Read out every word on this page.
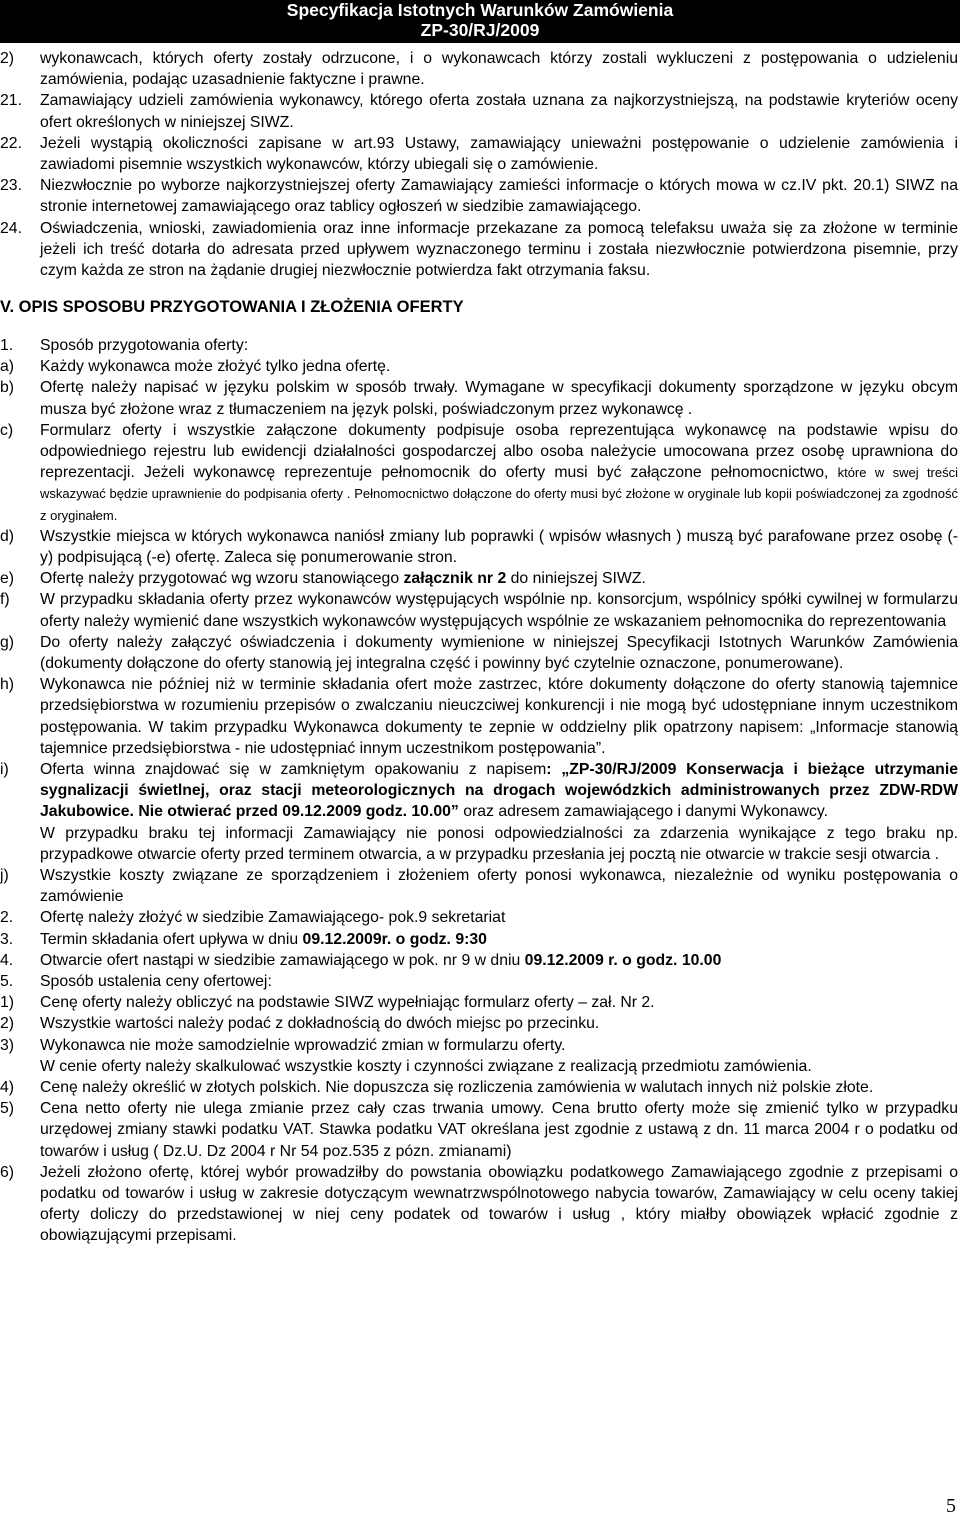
Specyfikacja Istotnych Warunków Zamówienia
ZP-30/RJ/2009

2) wykonawcach, których oferty zostały odrzucone, i o wykonawcach którzy zostali wykluczeni z postępowania o udzieleniu zamówienia, podając uzasadnienie faktyczne i prawne.

21. Zamawiający udzieli zamówienia wykonawcy, którego oferta została uznana za najkorzystniejszą, na podstawie kryteriów oceny ofert określonych w niniejszej SIWZ.

22. Jeżeli wystąpią okoliczności zapisane w art.93 Ustawy, zamawiający unieważni postępowanie o udzielenie zamówienia i zawiadomi pisemnie wszystkich wykonawców, którzy ubiegali się o zamówienie.

23. Niezwłocznie po wyborze najkorzystniejszej oferty Zamawiający zamieści informacje o których mowa w cz.IV pkt. 20.1) SIWZ na stronie internetowej zamawiającego oraz tablicy ogłoszeń w siedzibie zamawiającego.

24. Oświadczenia, wnioski, zawiadomienia oraz inne informacje przekazane za pomocą telefaksu uważa się za złożone w terminie jeżeli ich treść dotarła do adresata przed upływem wyznaczonego terminu i została niezwłocznie potwierdzona pisemnie, przy czym każda ze stron na żądanie drugiej niezwłocznie potwierdza fakt otrzymania faksu.

V. OPIS SPOSOBU PRZYGOTOWANIA I ZŁOŻENIA OFERTY

1. Sposób przygotowania oferty:

a) Każdy wykonawca może złożyć tylko jedna ofertę.

b) Ofertę należy napisać w języku polskim w sposób trwały. Wymagane w specyfikacji dokumenty sporządzone w języku obcym musza być złożone wraz z tłumaczeniem na język polski, poświadczonym przez wykonawcę .

c) Formularz oferty i wszystkie załączone dokumenty podpisuje osoba reprezentująca wykonawcę na podstawie wpisu do odpowiedniego rejestru lub ewidencji działalności gospodarczej albo osoba należycie umocowana przez osobę uprawniona do reprezentacji. Jeżeli wykonawcę reprezentuje pełnomocnik do oferty musi być załączone pełnomocnictwo, które w swej treści wskazywać będzie uprawnienie do podpisania oferty . Pełnomocnictwo dołączone do oferty musi być złożone w oryginale lub kopii poświadczonej za zgodność z oryginałem.

d) Wszystkie miejsca w których wykonawca naniósł zmiany lub poprawki ( wpisów własnych ) muszą być parafowane przez osobę (-y) podpisującą (-e) ofertę. Zaleca się ponumerowanie stron.

e) Ofertę należy przygotować wg wzoru stanowiącego załącznik nr 2 do niniejszej SIWZ.

f) W przypadku składania oferty przez wykonawców występujących wspólnie np. konsorcjum, wspólnicy spółki cywilnej w formularzu oferty należy wymienić dane wszystkich wykonawców występujących wspólnie ze wskazaniem pełnomocnika do reprezentowania

g) Do oferty należy załączyć oświadczenia i dokumenty wymienione w niniejszej Specyfikacji Istotnych Warunków Zamówienia (dokumenty dołączone do oferty stanowią jej integralna część i powinny być czytelnie oznaczone, ponumerowane).

h) Wykonawca nie później niż w terminie składania ofert może zastrzec, które dokumenty dołączone do oferty stanowią tajemnice przedsiębiorstwa w rozumieniu przepisów o zwalczaniu nieuczciwej konkurencji i nie mogą być udostępniane innym uczestnikom postępowania. W takim przypadku Wykonawca dokumenty te zepnie w oddzielny plik opatrzony napisem: „Informacje stanowią tajemnice przedsiębiorstwa - nie udostępniać innym uczestnikom postępowania”.

i) Oferta winna znajdować się w zamkniętym opakowaniu z napisem: „ZP-30/RJ/2009 Konserwacja i bieżące utrzymanie sygnalizacji świetlnej, oraz stacji meteorologicznych na drogach wojewódzkich administrowanych przez ZDW-RDW Jakubowice. Nie otwierać przed 09.12.2009 godz. 10.00” oraz adresem zamawiającego i danymi Wykonawcy.

W przypadku braku tej informacji Zamawiający nie ponosi odpowiedzialności za zdarzenia wynikające z tego braku np. przypadkowe otwarcie oferty przed terminem otwarcia, a w przypadku przesłania jej pocztą nie otwarcie w trakcie sesji otwarcia .

j) Wszystkie koszty związane ze sporządzeniem i złożeniem oferty ponosi wykonawca, niezależnie od wyniku postępowania o zamówienie

2. Ofertę należy złożyć w siedzibie Zamawiającego- pok.9 sekretariat

3. Termin składania ofert upływa w dniu 09.12.2009r. o godz. 9:30

4. Otwarcie ofert nastąpi w siedzibie zamawiającego w pok. nr 9 w dniu 09.12.2009 r. o godz. 10.00

5. Sposób ustalenia ceny ofertowej:

1) Cenę oferty należy obliczyć na podstawie SIWZ wypełniając formularz oferty – zał. Nr 2.

2) Wszystkie wartości należy podać z dokładnością do dwóch miejsc po przecinku.

3) Wykonawca nie może samodzielnie wprowadzić zmian w formularzu oferty.

W cenie oferty należy skalkulować wszystkie koszty i czynności związane z realizacją przedmiotu zamówienia.

4) Cenę należy określić w złotych polskich. Nie dopuszcza się rozliczenia zamówienia w walutach innych niż polskie złote.

5) Cena netto oferty nie ulega zmianie przez cały czas trwania umowy. Cena brutto oferty może się zmienić tylko w przypadku urzędowej zmiany stawki podatku VAT. Stawka podatku VAT określana jest zgodnie z ustawą z dn. 11 marca 2004 r o podatku od towarów i usług ( Dz.U. Dz 2004 r Nr 54 poz.535 z pózn. zmianami)

6) Jeżeli złożono ofertę, której wybór prowadziłby do powstania obowiązku podatkowego Zamawiającego zgodnie z przepisami o podatku od towarów i usług w zakresie dotyczącym wewnatrzwspólnotowego nabycia towarów, Zamawiający w celu oceny takiej oferty doliczy do przedstawionej w niej ceny podatek od towarów i usług , który miałby obowiązek wpłacić zgodnie z obowiązującymi przepisami.

5
